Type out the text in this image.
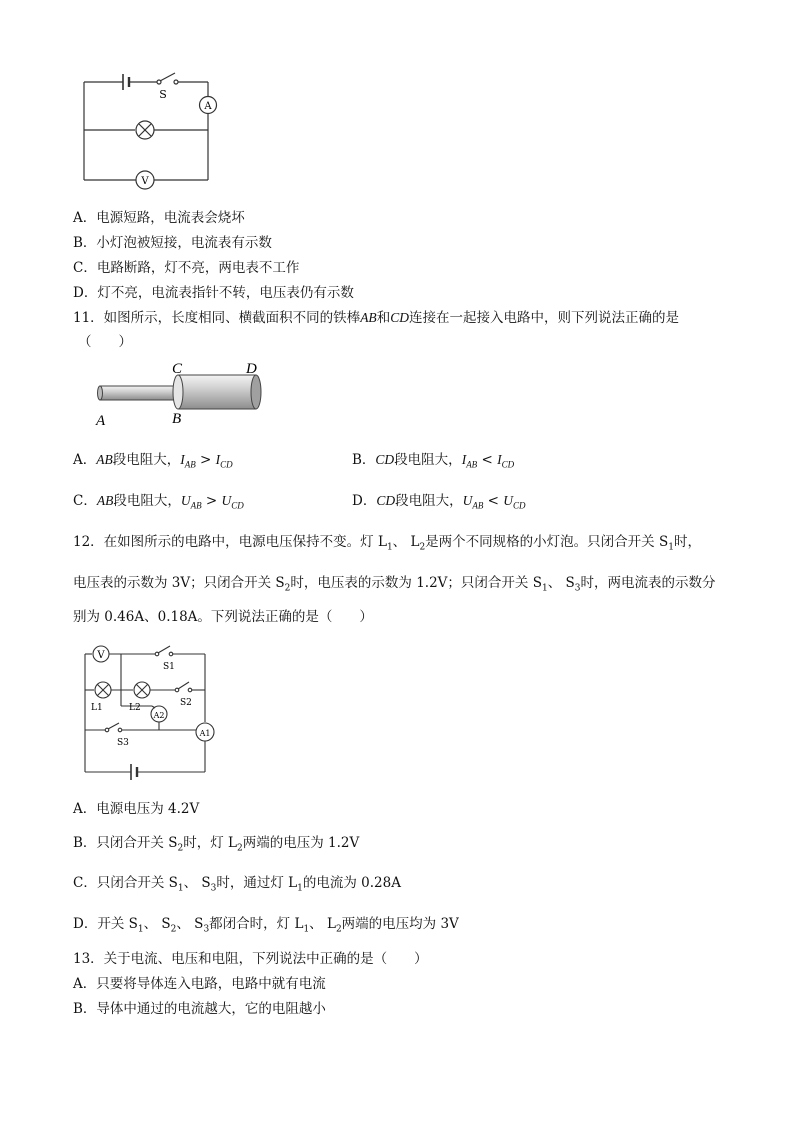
S
A
V
A．电源短路，电流表会烧坏
B．小灯泡被短接，电流表有示数
C．电路断路，灯不亮，两电表不工作
D．灯不亮，电流表指针不转，电压表仍有示数
11．如图所示，长度相同、横截面积不同的铁棒AB和CD连接在一起接入电路中，则下列说法正确的是
（　　）
A	B
C	D
A．AB段电阻大，$I_{AB} > I_{CD}$	B．CD段电阻大，$I_{AB} < I_{CD}$
C．AB段电阻大，$U_{AB} > U_{CD}$	D．CD段电阻大，$U_{AB} < U_{CD}$
12．在如图所示的电路中，电源电压保持不变。灯 $L_1$、 $L_2$是两个不同规格的小灯泡。只闭合开关 $S_1$时，
电压表的示数为 3V；只闭合开关 $S_2$时，电压表的示数为 1.2V；只闭合开关 $S_1$、 $S_3$时，两电流表的示数分
别为 0.46A、0.18A。下列说法正确的是（　　）
V
S1
S2
S3
L1	L2
A2
A1
A．电源电压为 4.2V
B．只闭合开关 $S_2$时，灯 $L_2$两端的电压为 1.2V
C．只闭合开关 $S_1$、 $S_3$时，通过灯 $L_1$的电流为 0.28A
D．开关 $S_1$、 $S_2$、 $S_3$都闭合时，灯 $L_1$、 $L_2$两端的电压均为 3V
13．关于电流、电压和电阻，下列说法中正确的是（　　）
A．只要将导体连入电路，电路中就有电流
B．导体中通过的电流越大，它的电阻越小
